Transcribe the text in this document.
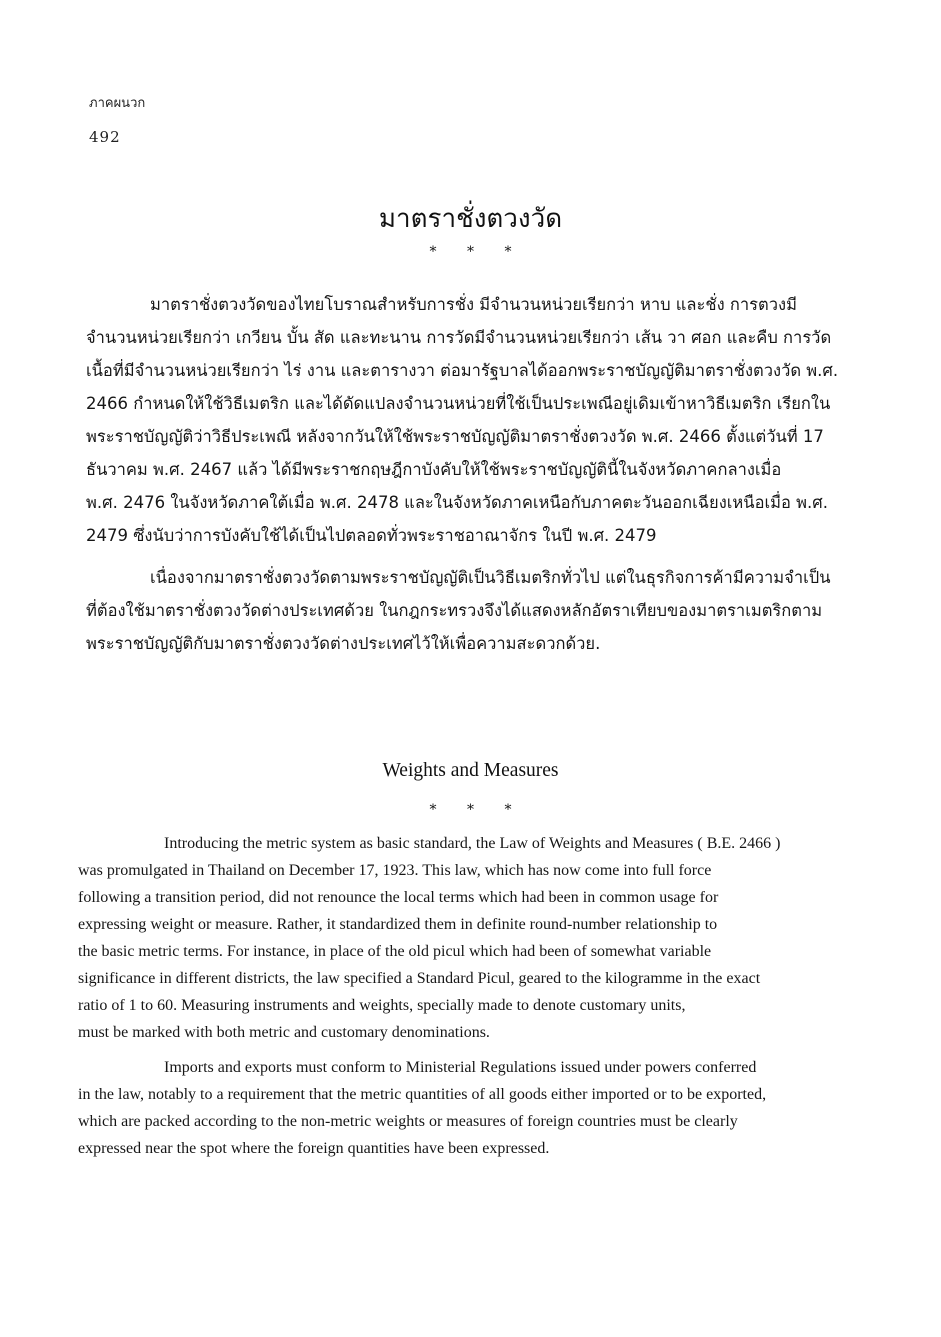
ภาคผนวก
492
มาตราชั่งตวงวัด
* * *
มาตราชั่งตวงวัดของไทยโบราณสำหรับการชั่ง มีจำนวนหน่วยเรียกว่า หาบ และชั่ง การตวงมี
จำนวนหน่วยเรียกว่า เกวียน บั้น สัด และทะนาน การวัดมีจำนวนหน่วยเรียกว่า เส้น วา ศอก และคืบ การวัด
เนื้อที่มีจำนวนหน่วยเรียกว่า ไร่ งาน และตารางวา ต่อมารัฐบาลได้ออกพระราชบัญญัติมาตราชั่งตวงวัด พ.ศ.
2466 กำหนดให้ใช้วิธีเมตริก และได้ดัดแปลงจำนวนหน่วยที่ใช้เป็นประเพณีอยู่เดิมเข้าหาวิธีเมตริก เรียกใน
พระราชบัญญัติว่าวิธีประเพณี หลังจากวันให้ใช้พระราชบัญญัติมาตราชั่งตวงวัด พ.ศ. 2466 ตั้งแต่วันที่ 17
ธันวาคม พ.ศ. 2467 แล้ว ได้มีพระราชกฤษฎีกาบังคับให้ใช้พระราชบัญญัตินี้ในจังหวัดภาคกลางเมื่อ
พ.ศ. 2476 ในจังหวัดภาคใต้เมื่อ พ.ศ. 2478 และในจังหวัดภาคเหนือกับภาคตะวันออกเฉียงเหนือเมื่อ พ.ศ.
2479 ซึ่งนับว่าการบังคับใช้ได้เป็นไปตลอดทั่วพระราชอาณาจักร ในปี พ.ศ. 2479
เนื่องจากมาตราชั่งตวงวัดตามพระราชบัญญัติเป็นวิธีเมตริกทั่วไป แต่ในธุรกิจการค้ามีความจำเป็น
ที่ต้องใช้มาตราชั่งตวงวัดต่างประเทศด้วย ในกฎกระทรวงจึงได้แสดงหลักอัตราเทียบของมาตราเมตริกตาม
พระราชบัญญัติกับมาตราชั่งตวงวัดต่างประเทศไว้ให้เพื่อความสะดวกด้วย.
Weights and Measures
* * *
Introducing the metric system as basic standard, the Law of Weights and Measures ( B.E. 2466 )
was promulgated in Thailand on December 17, 1923. This law, which has now come into full force
following a transition period, did not renounce the local terms which had been in common usage for
expressing weight or measure. Rather, it standardized them in definite round-number relationship to
the basic metric terms. For instance, in place of the old picul which had been of somewhat variable
significance in different districts, the law specified a Standard Picul, geared to the kilogramme in the exact
ratio of 1 to 60. Measuring instruments and weights, specially made to denote customary units,
must be marked with both metric and customary denominations.
Imports and exports must conform to Ministerial Regulations issued under powers conferred
in the law, notably to a requirement that the metric quantities of all goods either imported or to be exported,
which are packed according to the non-metric weights or measures of foreign countries must be clearly
expressed near the spot where the foreign quantities have been expressed.
